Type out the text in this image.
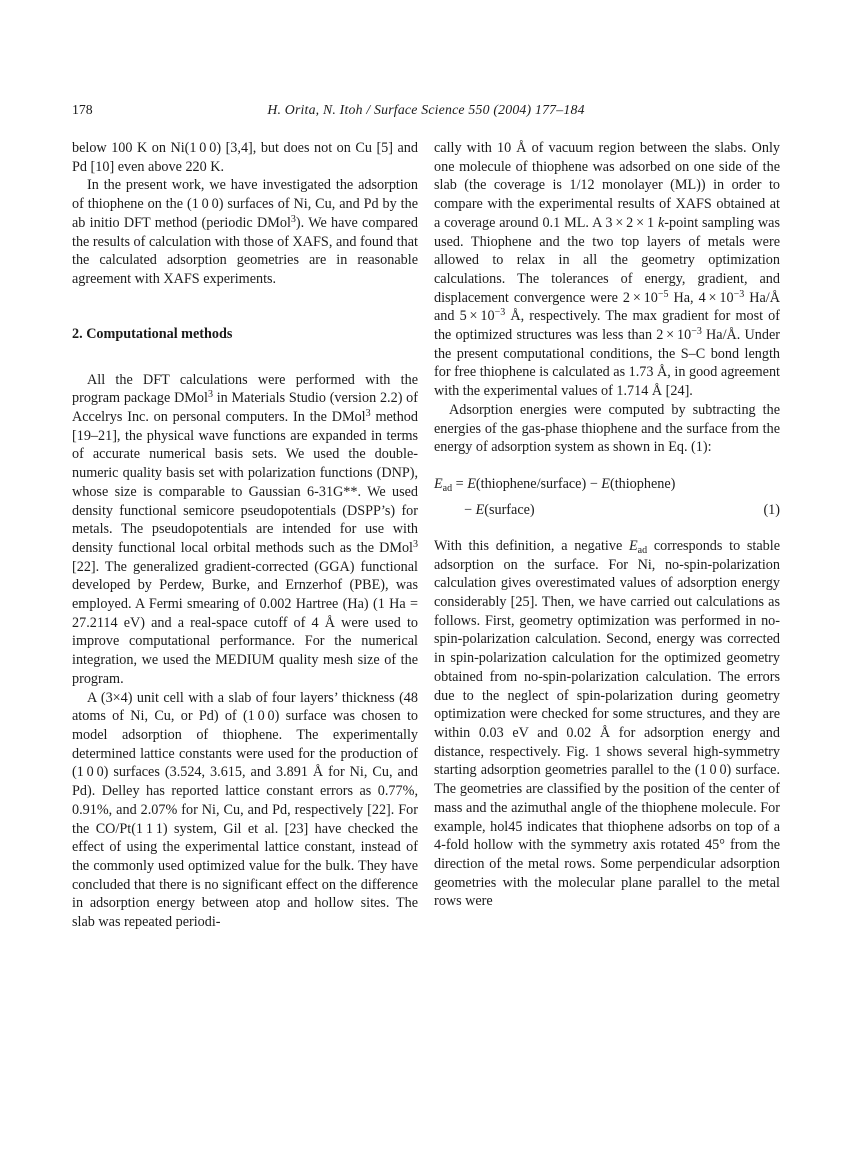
178	H. Orita, N. Itoh / Surface Science 550 (2004) 177–184

below 100 K on Ni(1 0 0) [3,4], but does not on Cu [5] and Pd [10] even above 220 K.

In the present work, we have investigated the adsorption of thiophene on the (1 0 0) surfaces of Ni, Cu, and Pd by the ab initio DFT method (periodic DMol$^3$). We have compared the results of calculation with those of XAFS, and found that the calculated adsorption geometries are in reasonable agreement with XAFS experiments.

2. Computational methods

All the DFT calculations were performed with the program package DMol$^3$ in Materials Studio (version 2.2) of Accelrys Inc. on personal computers. In the DMol$^3$ method [19–21], the physical wave functions are expanded in terms of accurate numerical basis sets. We used the double-numeric quality basis set with polarization functions (DNP), whose size is comparable to Gaussian 6-31G**. We used density functional semicore pseudopotentials (DSPP’s) for metals. The pseudopotentials are intended for use with density functional local orbital methods such as the DMol$^3$ [22]. The generalized gradient-corrected (GGA) functional developed by Perdew, Burke, and Ernzerhof (PBE), was employed. A Fermi smearing of 0.002 Hartree (Ha) (1 Ha = 27.2114 eV) and a real-space cutoff of 4 Å were used to improve computational performance. For the numerical integration, we used the MEDIUM quality mesh size of the program.

A (3×4) unit cell with a slab of four layers’ thickness (48 atoms of Ni, Cu, or Pd) of (1 0 0) surface was chosen to model adsorption of thiophene. The experimentally determined lattice constants were used for the production of (1 0 0) surfaces (3.524, 3.615, and 3.891 Å for Ni, Cu, and Pd). Delley has reported lattice constant errors as 0.77%, 0.91%, and 2.07% for Ni, Cu, and Pd, respectively [22]. For the CO/Pt(1 1 1) system, Gil et al. [23] have checked the effect of using the experimental lattice constant, instead of the commonly used optimized value for the bulk. They have concluded that there is no significant effect on the difference in adsorption energy between atop and hollow sites. The slab was repeated periodi-

cally with 10 Å of vacuum region between the slabs. Only one molecule of thiophene was adsorbed on one side of the slab (the coverage is 1/12 monolayer (ML)) in order to compare with the experimental results of XAFS obtained at a coverage around 0.1 ML. A 3 × 2 × 1 k-point sampling was used. Thiophene and the two top layers of metals were allowed to relax in all the geometry optimization calculations. The tolerances of energy, gradient, and displacement convergence were $2 \times 10^{-5}$ Ha, $4 \times 10^{-3}$ Ha/Å and $5 \times 10^{-3}$ Å, respectively. The max gradient for most of the optimized structures was less than $2 \times 10^{-3}$ Ha/Å. Under the present computational conditions, the S–C bond length for free thiophene is calculated as 1.73 Å, in good agreement with the experimental values of 1.714 Å [24].

Adsorption energies were computed by subtracting the energies of the gas-phase thiophene and the surface from the energy of adsorption system as shown in Eq. (1):

$E_{ad}$ = E(thiophene/surface) − E(thiophene)
− E(surface)	(1)

With this definition, a negative $E_{ad}$ corresponds to stable adsorption on the surface. For Ni, no-spin-polarization calculation gives overestimated values of adsorption energy considerably [25]. Then, we have carried out calculations as follows. First, geometry optimization was performed in no-spin-polarization calculation. Second, energy was corrected in spin-polarization calculation for the optimized geometry obtained from no-spin-polarization calculation. The errors due to the neglect of spin-polarization during geometry optimization were checked for some structures, and they are within 0.03 eV and 0.02 Å for adsorption energy and distance, respectively. Fig. 1 shows several high-symmetry starting adsorption geometries parallel to the (1 0 0) surface. The geometries are classified by the position of the center of mass and the azimuthal angle of the thiophene molecule. For example, hol45 indicates that thiophene adsorbs on top of a 4-fold hollow with the symmetry axis rotated 45° from the direction of the metal rows. Some perpendicular adsorption geometries with the molecular plane parallel to the metal rows were
